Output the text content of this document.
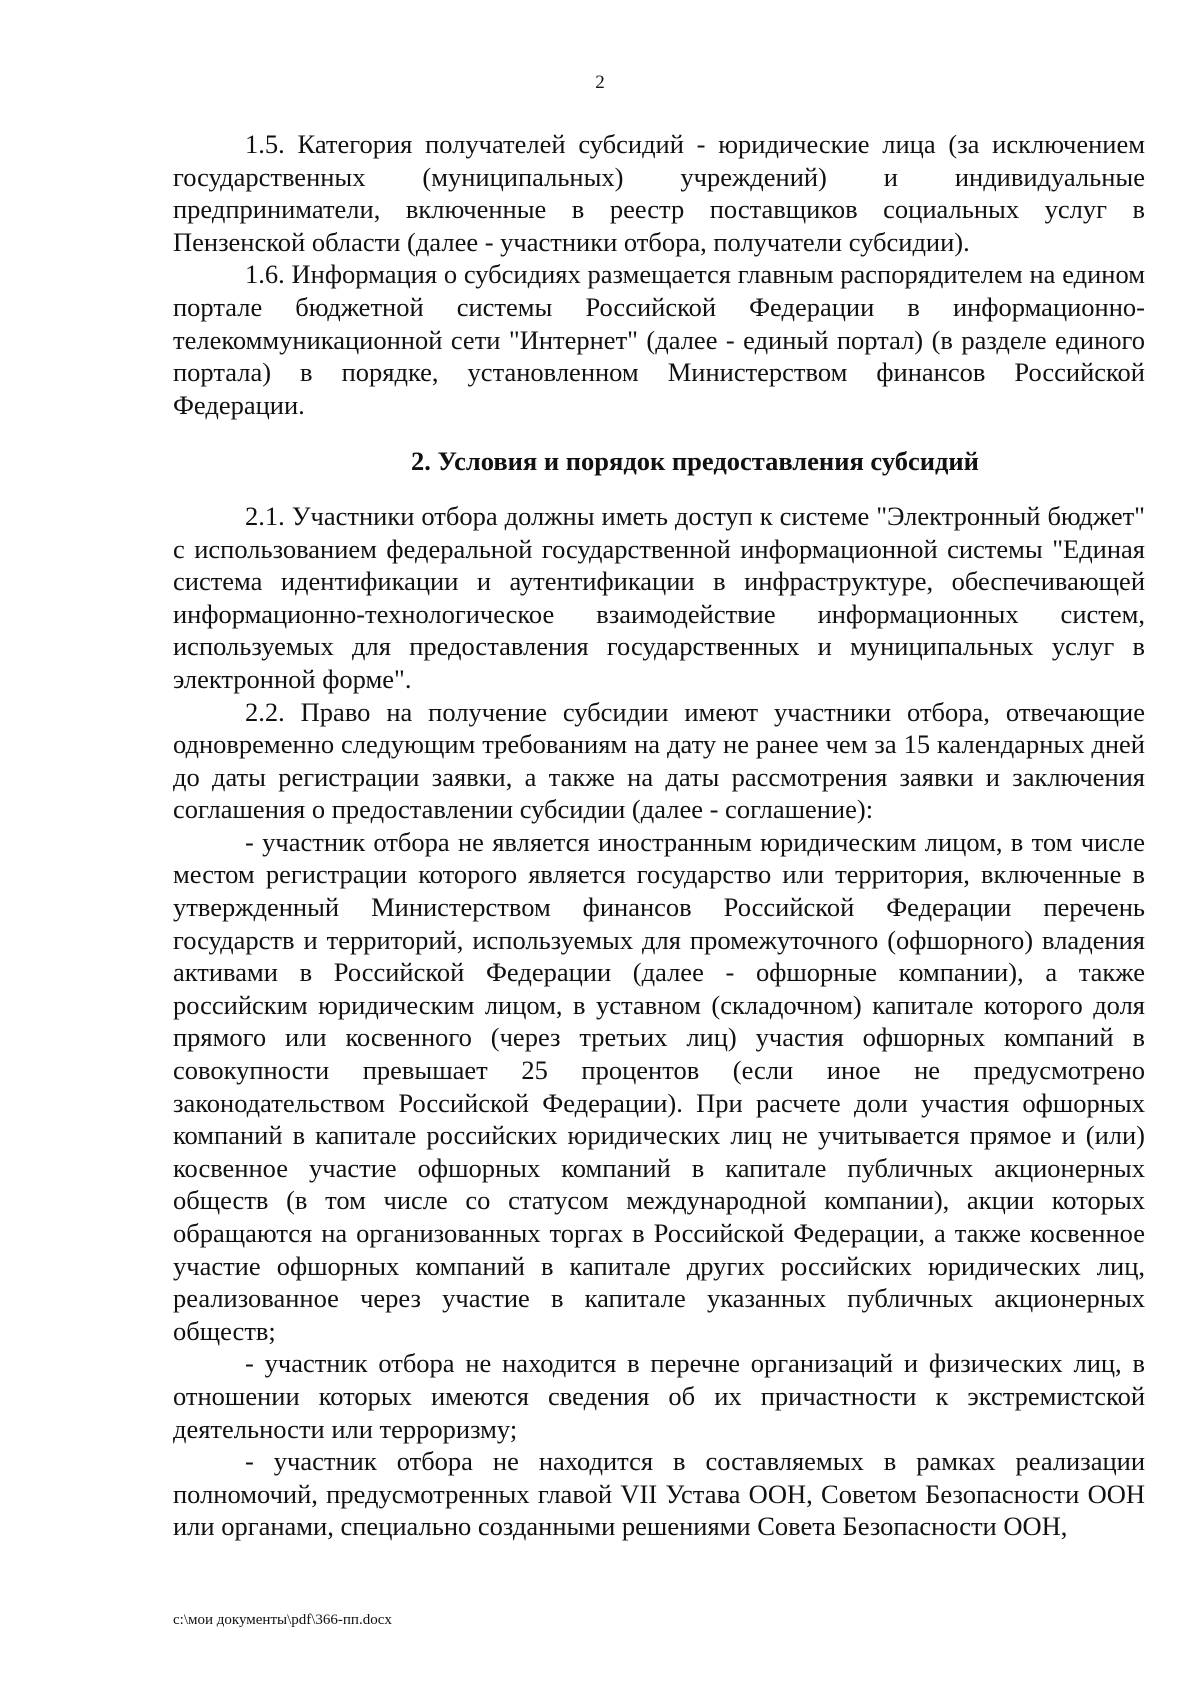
2

1.5. Категория получателей субсидий - юридические лица (за исключением государственных (муниципальных) учреждений) и индивидуальные предприниматели, включенные в реестр поставщиков социальных услуг в Пензенской области (далее - участники отбора, получатели субсидии).

1.6. Информация о субсидиях размещается главным распорядителем на едином портале бюджетной системы Российской Федерации в информационно-телекоммуникационной сети "Интернет" (далее - единый портал) (в разделе единого портала) в порядке, установленном Министерством финансов Российской Федерации.

2. Условия и порядок предоставления субсидий

2.1. Участники отбора должны иметь доступ к системе "Электронный бюджет" с использованием федеральной государственной информационной системы "Единая система идентификации и аутентификации в инфраструктуре, обеспечивающей информационно-технологическое взаимодействие информационных систем, используемых для предоставления государственных и муниципальных услуг в электронной форме".

2.2. Право на получение субсидии имеют участники отбора, отвечающие одновременно следующим требованиям на дату не ранее чем за 15 календарных дней до даты регистрации заявки, а также на даты рассмотрения заявки и заключения соглашения о предоставлении субсидии (далее - соглашение):

- участник отбора не является иностранным юридическим лицом, в том числе местом регистрации которого является государство или территория, включенные в утвержденный Министерством финансов Российской Федерации перечень государств и территорий, используемых для промежуточного (офшорного) владения активами в Российской Федерации (далее - офшорные компании), а также российским юридическим лицом, в уставном (складочном) капитале которого доля прямого или косвенного (через третьих лиц) участия офшорных компаний в совокупности превышает 25 процентов (если иное не предусмотрено законодательством Российской Федерации). При расчете доли участия офшорных компаний в капитале российских юридических лиц не учитывается прямое и (или) косвенное участие офшорных компаний в капитале публичных акционерных обществ (в том числе со статусом международной компании), акции которых обращаются на организованных торгах в Российской Федерации, а также косвенное участие офшорных компаний в капитале других российских юридических лиц, реализованное через участие в капитале указанных публичных акционерных обществ;

- участник отбора не находится в перечне организаций и физических лиц, в отношении которых имеются сведения об их причастности к экстремистской деятельности или терроризму;

- участник отбора не находится в составляемых в рамках реализации полномочий, предусмотренных главой VII Устава ООН, Советом Безопасности ООН или органами, специально созданными решениями Совета Безопасности ООН,

c:\мои документы\pdf\366-пп.docx
